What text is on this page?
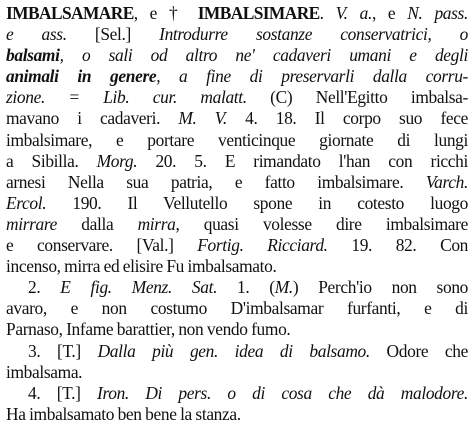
IMBALSAMARE, e † IMBALSIMARE. V. a., e N. pass.
e ass. [Sel.] Introdurre sostanze conservatrici, o
balsami, o sali od altro ne' cadaveri umani e degli
animali in genere, a fine di preservarli dalla corru-
zione. = Lib. cur. malatt. (C) Nell'Egitto imbalsa-
mavano i cadaveri. M. V. 4. 18. Il corpo suo fece
imbalsimare, e portare venticinque giornate di lungi
a Sibilla. Morg. 20. 5. E rimandato l'han con ricchi
arnesi Nella sua patria, e fatto imbalsimare. Varch.
Ercol. 190. Il Vellutello spone in cotesto luogo
mirrare dalla mirra, quasi volesse dire imbalsimare
e conservare. [Val.] Fortig. Ricciard. 19. 82. Con
incenso, mirra ed elisire Fu imbalsamato.
2. E fig. Menz. Sat. 1. (M.) Perch'io non sono
avaro, e non costumo D'imbalsamar furfanti, e di
Parnaso, Infame barattier, non vendo fumo.
3. [T.] Dalla più gen. idea di balsamo. Odore che
imbalsama.
4. [T.] Iron. Di pers. o di cosa che dà malodore.
Ha imbalsamato ben bene la stanza.
